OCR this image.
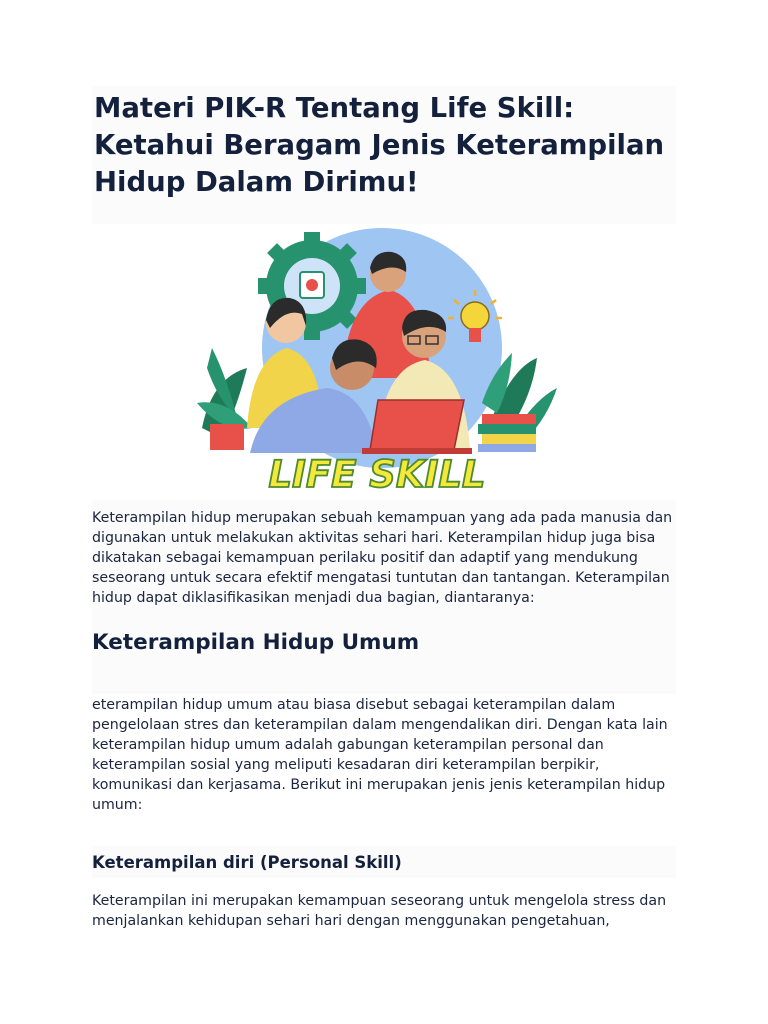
Materi PIK-R Tentang Life Skill: Ketahui Beragam Jenis Keterampilan Hidup Dalam Dirimu!
LIFE SKILL

Keterampilan hidup merupakan sebuah kemampuan yang ada pada manusia dan digunakan untuk melakukan aktivitas sehari hari. Keterampilan hidup juga bisa dikatakan sebagai kemampuan perilaku positif dan adaptif yang mendukung seseorang untuk secara efektif mengatasi tuntutan dan tantangan. Keterampilan hidup dapat diklasifikasikan menjadi dua bagian, diantaranya:

Keterampilan Hidup Umum

eterampilan hidup umum atau biasa disebut sebagai keterampilan dalam pengelolaan stres dan keterampilan dalam mengendalikan diri. Dengan kata lain keterampilan hidup umum adalah gabungan keterampilan personal dan keterampilan sosial yang meliputi kesadaran diri keterampilan berpikir, komunikasi dan kerjasama. Berikut ini merupakan jenis jenis keterampilan hidup umum:

Keterampilan diri (Personal Skill)

Keterampilan ini merupakan kemampuan seseorang untuk mengelola stress dan menjalankan kehidupan sehari hari dengan menggunakan pengetahuan,
